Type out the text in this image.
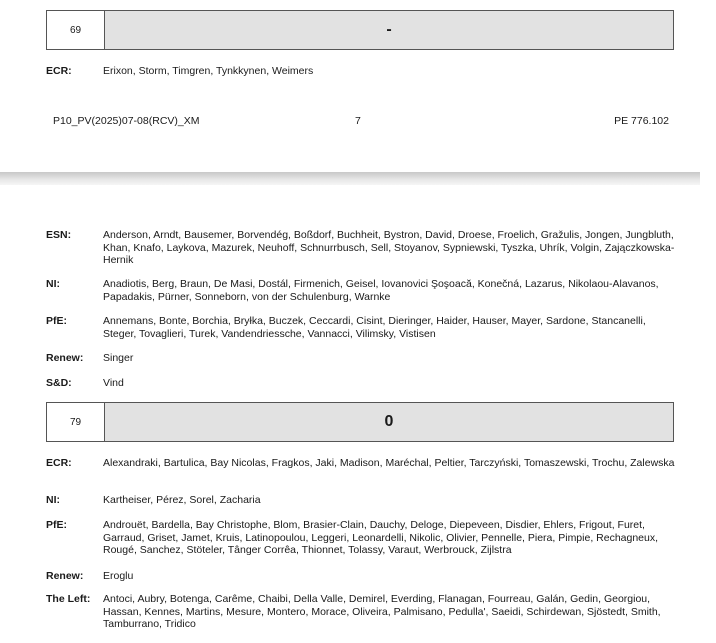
69	-
ECR:	Erixon, Storm, Timgren, Tynkkynen, Weimers
P10_PV(2025)07-08(RCV)_XM	7	PE 776.102
ESN:	Anderson, Arndt, Bausemer, Borvendég, Boßdorf, Buchheit, Bystron, David, Droese, Froelich, Gražulis, Jongen, Jungbluth, Khan, Knafo, Laykova, Mazurek, Neuhoff, Schnurrbusch, Sell, Stoyanov, Sypniewski, Tyszka, Uhrík, Volgin, Zajączkowska-Hernik
NI:	Anadiotis, Berg, Braun, De Masi, Dostál, Firmenich, Geisel, Iovanovici Şoşoacă, Konečná, Lazarus, Nikolaou-Alavanos, Papadakis, Pürner, Sonneborn, von der Schulenburg, Warnke
PfE:	Annemans, Bonte, Borchia, Bryłka, Buczek, Ceccardi, Cisint, Dieringer, Haider, Hauser, Mayer, Sardone, Stancanelli, Steger, Tovaglieri, Turek, Vandendriessche, Vannacci, Vilimsky, Vistisen
Renew:	Singer
S&D:	Vind
79	0
ECR:	Alexandraki, Bartulica, Bay Nicolas, Fragkos, Jaki, Madison, Maréchal, Peltier, Tarczyński, Tomaszewski, Trochu, Zalewska
NI:	Kartheiser, Pérez, Sorel, Zacharia
PfE:	Androuët, Bardella, Bay Christophe, Blom, Brasier-Clain, Dauchy, Deloge, Diepeveen, Disdier, Ehlers, Frigout, Furet, Garraud, Griset, Jamet, Kruis, Latinopoulou, Leggeri, Leonardelli, Nikolic, Olivier, Pennelle, Piera, Pimpie, Rechagneux, Rougé, Sanchez, Stöteler, Tânger Corrêa, Thionnet, Tolassy, Varaut, Werbrouck, Zijlstra
Renew:	Eroglu
The Left:	Antoci, Aubry, Botenga, Carême, Chaibi, Della Valle, Demirel, Everding, Flanagan, Fourreau, Galán, Gedin, Georgiou, Hassan, Kennes, Martins, Mesure, Montero, Morace, Oliveira, Palmisano, Pedulla', Saeidi, Schirdewan, Sjöstedt, Smith, Tamburrano, Tridico
